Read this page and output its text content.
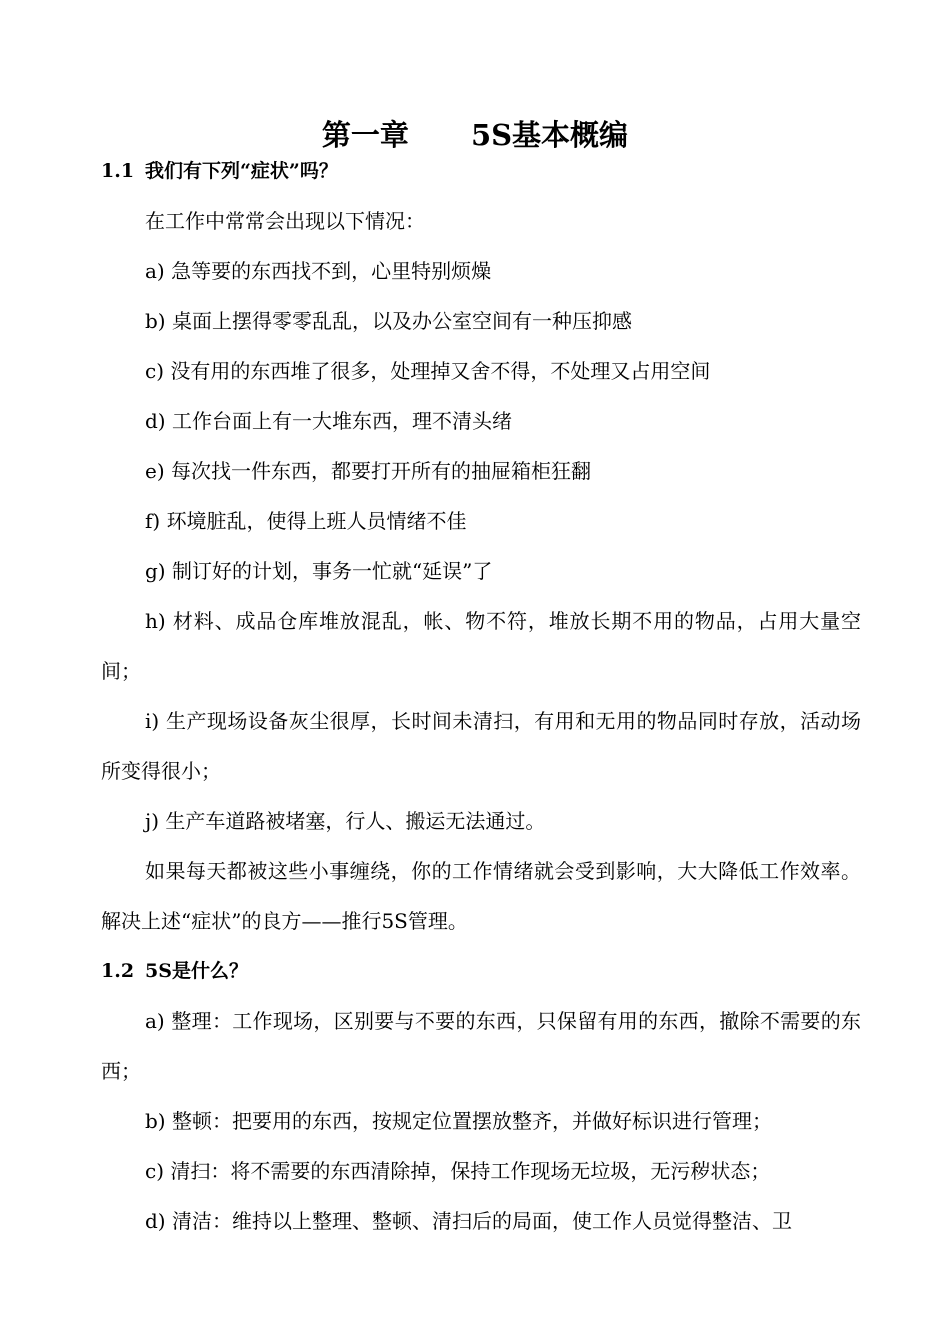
第一章 5S基本概编

1.1 我们有下列“症状”吗？

在工作中常常会出现以下情况：

a) 急等要的东西找不到，心里特别烦燥

b) 桌面上摆得零零乱乱，以及办公室空间有一种压抑感

c) 没有用的东西堆了很多，处理掉又舍不得，不处理又占用空间

d) 工作台面上有一大堆东西，理不清头绪

e) 每次找一件东西，都要打开所有的抽屉箱柜狂翻

f) 环境脏乱，使得上班人员情绪不佳

g) 制订好的计划，事务一忙就“延误”了

h) 材料、成品仓库堆放混乱，帐、物不符，堆放长期不用的物品，占用大量空间；

i) 生产现场设备灰尘很厚，长时间未清扫，有用和无用的物品同时存放，活动场所变得很小；

j) 生产车道路被堵塞，行人、搬运无法通过。

如果每天都被这些小事缠绕，你的工作情绪就会受到影响，大大降低工作效率。解决上述“症状”的良方——推行5S管理。

1.2 5S是什么？

a) 整理：工作现场，区别要与不要的东西，只保留有用的东西，撤除不需要的东西；

b) 整顿：把要用的东西，按规定位置摆放整齐，并做好标识进行管理；

c) 清扫：将不需要的东西清除掉，保持工作现场无垃圾，无污秽状态；

d) 清洁：维持以上整理、整顿、清扫后的局面，使工作人员觉得整洁、卫
